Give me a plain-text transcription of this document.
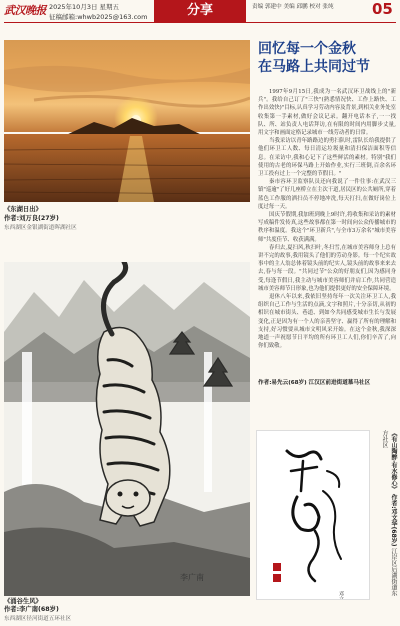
武汉晚报 2025年10月3日 星期五
征稿邮箱:whwb2025@163.com	分享	责编 郭建中 美编 邱鹏 校对 张纯	05
《东湖日出》
作者:刘万良(27岁)
东西湖区金银湖街道晖湖社区
回忆每一个金秋
在马路上共同过节

1997年9月15日,我成为一名武汉环卫战线上的"新兵"。我给自己订了"三快"(熟悉情况快、工作上路快、工作出效快)"目标,认真学习劳动内容及背景,到相关业务处室收集第一手素材,做好会议记录。翻开电话本子,一一找队、所、站负责人电话拜访,在有限的时间内用脚步丈量,用文字和画面定格记录城市一线劳动者的日常。

当我采访以青年路路边的勇扫队时,雷队长给我提供了他们环卫工人数、每日清运垃圾量和清扫保洁面积等信息。在采访中,我和心记下了这些鲜活的素材。特别"我们使用的古老的环保马路上开始作业,实行三班倒,百余名环卫工投有过上一个完整的节假日。"

秦市容环卫监察队员还向我说了一件往事:在武汉三镇"巡逾"了好几座桥立在主次干道,居民区的公共厕所,穿着蓝色工作服的洒扫员不停地冲洗,每天打扫,在做好岗位上度过每一天。

国庆节假期,我加班到晚上9时许,将收集和采访的素材写成稿件发传真,这些故事都在第一时间向公众传播城市的秩序和温度。我这个"环卫新兵",与全市3万余名"城市美容师"共度佳节、收获满满。

春归去,夏扫风,秋扫叶,冬扫雪,在城市美容师身上总有讲不完的故事,我用镜头了他们的劳动身影。每一个纪实故事中的主人翁总体着镜头前的纪实人,镜头前的故事来来去去,春与每一段。"共同过节"公众的好朋友们,因为感同身受,每逢节假日,我主动与城市美容师们并肩工作,共同营造城市美容师节日形象,也为他们提供更好的安全保障环境。

退休八年以来,我依旧坚持每年一次关注环卫工人,我组织自己工作与生活的点滴,文字和照片,十分亲切,从初的相识在城市街头、巷道、到如今共同感受城市生长与发展变化,正是因为有一个人的亲善坚守、赢得了所有的理解和支持,好习惯要从城市文明风采开始。在这个金秋,我深深地道一声祝愿节日平均的所有环卫工人们,你们辛苦了,向你们致敬。

作者:易先云(68岁) 江汉区前进街道慕马社区
李广南
《涌谷生风》
作者:李广南(68岁)
东西湖区径河街道五环社区
邓文华
《有山陶醉·有水修心》 作者:邓文华(68岁) 江岸区后湖街道东方社区
